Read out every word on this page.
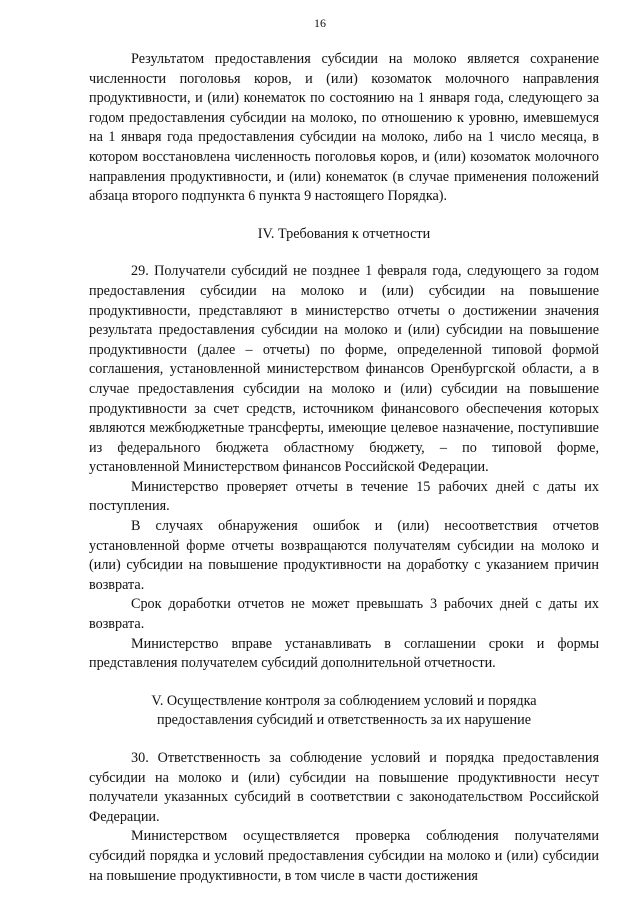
16

Результатом предоставления субсидии на молоко является сохранение численности поголовья коров, и (или) козоматок молочного направления продуктивности, и (или) конематок по состоянию на 1 января года, следующего за годом предоставления субсидии на молоко, по отношению к уровню, имевшемуся на 1 января года предоставления субсидии на молоко, либо на 1 число месяца, в котором восстановлена численность поголовья коров, и (или) козоматок молочного направления продуктивности, и (или) конематок (в случае применения положений абзаца второго подпункта 6 пункта 9 настоящего Порядка).

IV. Требования к отчетности

29. Получатели субсидий не позднее 1 февраля года, следующего за годом предоставления субсидии на молоко и (или) субсидии на повышение продуктивности, представляют в министерство отчеты о достижении значения результата предоставления субсидии на молоко и (или) субсидии на повышение продуктивности (далее – отчеты) по форме, определенной типовой формой соглашения, установленной министерством финансов Оренбургской области, а в случае предоставления субсидии на молоко и (или) субсидии на повышение продуктивности за счет средств, источником финансового обеспечения которых являются межбюджетные трансферты, имеющие целевое назначение, поступившие из федерального бюджета областному бюджету, – по типовой форме, установленной Министерством финансов Российской Федерации.

Министерство проверяет отчеты в течение 15 рабочих дней с даты их поступления.

В случаях обнаружения ошибок и (или) несоответствия отчетов установленной форме отчеты возвращаются получателям субсидии на молоко и (или) субсидии на повышение продуктивности на доработку с указанием причин возврата.

Срок доработки отчетов не может превышать 3 рабочих дней с даты их возврата.

Министерство вправе устанавливать в соглашении сроки и формы представления получателем субсидий дополнительной отчетности.

V. Осуществление контроля за соблюдением условий и порядка

предоставления субсидий и ответственность за их нарушение

30. Ответственность за соблюдение условий и порядка предоставления субсидии на молоко и (или) субсидии на повышение продуктивности несут получатели указанных субсидий в соответствии с законодательством Российской Федерации.

Министерством осуществляется проверка соблюдения получателями субсидий порядка и условий предоставления субсидии на молоко и (или) субсидии на повышение продуктивности, в том числе в части достижения
